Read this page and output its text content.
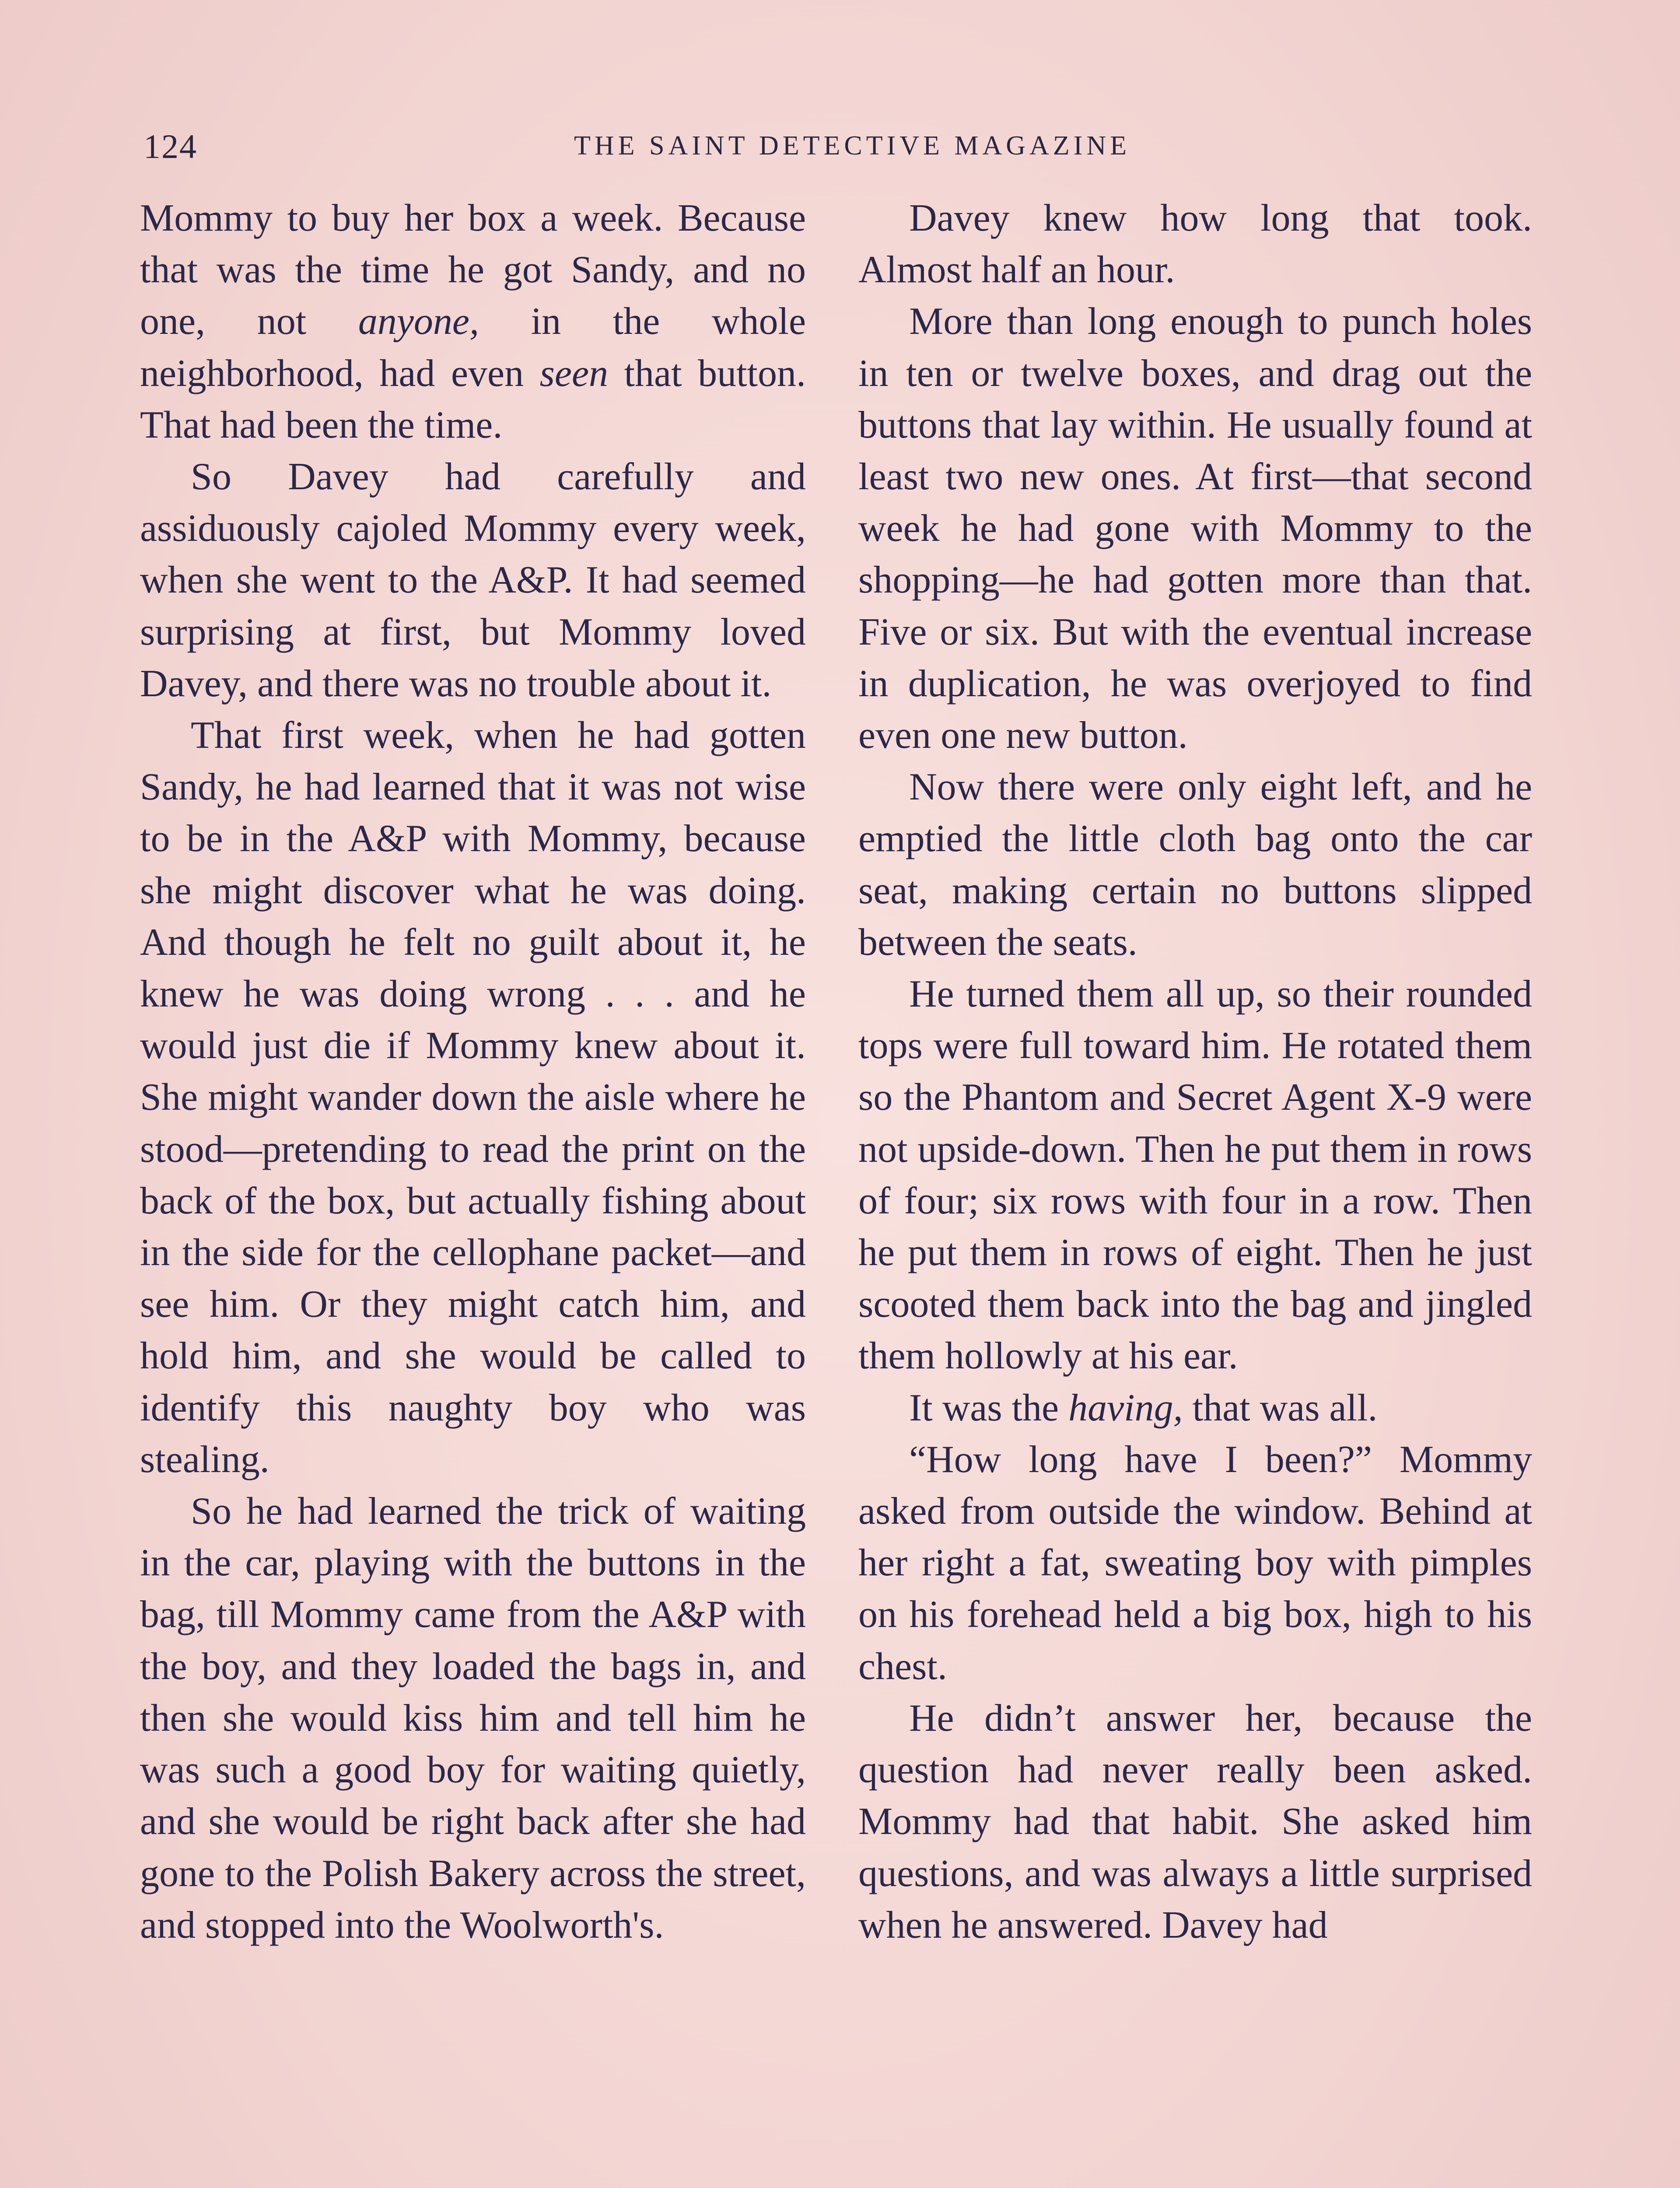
124	THE SAINT DETECTIVE MAGAZINE

Mommy to buy her box a week. Because that was the time he got Sandy, and no one, not anyone, in the whole neighborhood, had even seen that button. That had been the time.

So Davey had carefully and assiduously cajoled Mommy every week, when she went to the A&P. It had seemed surprising at first, but Mommy loved Davey, and there was no trouble about it.

That first week, when he had gotten Sandy, he had learned that it was not wise to be in the A&P with Mommy, because she might discover what he was doing. And though he felt no guilt about it, he knew he was doing wrong . . . and he would just die if Mommy knew about it. She might wander down the aisle where he stood—pretending to read the print on the back of the box, but actually fishing about in the side for the cellophane packet—and see him. Or they might catch him, and hold him, and she would be called to identify this naughty boy who was stealing.

So he had learned the trick of waiting in the car, playing with the buttons in the bag, till Mommy came from the A&P with the boy, and they loaded the bags in, and then she would kiss him and tell him he was such a good boy for waiting quietly, and she would be right back after she had gone to the Polish Bakery across the street, and stopped into the Woolworth's.

Davey knew how long that took. Almost half an hour.

More than long enough to punch holes in ten or twelve boxes, and drag out the buttons that lay within. He usually found at least two new ones. At first—that second week he had gone with Mommy to the shopping—he had gotten more than that. Five or six. But with the eventual increase in duplication, he was overjoyed to find even one new button.

Now there were only eight left, and he emptied the little cloth bag onto the car seat, making certain no buttons slipped between the seats.

He turned them all up, so their rounded tops were full toward him. He rotated them so the Phantom and Secret Agent X-9 were not upside-down. Then he put them in rows of four; six rows with four in a row. Then he put them in rows of eight. Then he just scooted them back into the bag and jingled them hollowly at his ear.

It was the having, that was all.

“How long have I been?” Mommy asked from outside the window. Behind at her right a fat, sweating boy with pimples on his forehead held a big box, high to his chest.

He didn’t answer her, because the question had never really been asked. Mommy had that habit. She asked him questions, and was always a little surprised when he answered. Davey had
